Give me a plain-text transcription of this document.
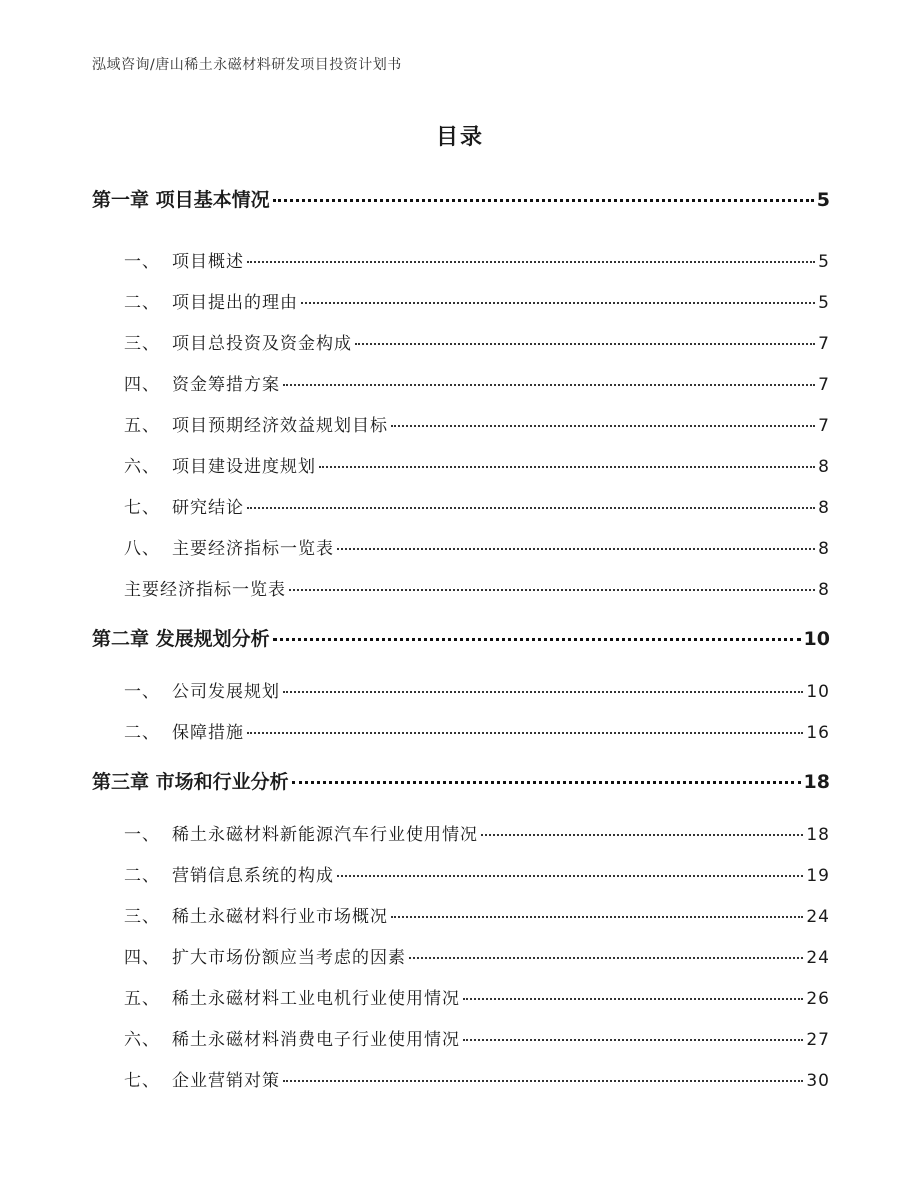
泓域咨询/唐山稀土永磁材料研发项目投资计划书
目录
第一章 项目基本情况	5
一、 项目概述	5
二、 项目提出的理由	5
三、 项目总投资及资金构成	7
四、 资金筹措方案	7
五、 项目预期经济效益规划目标	7
六、 项目建设进度规划	8
七、 研究结论	8
八、 主要经济指标一览表	8
主要经济指标一览表	8
第二章 发展规划分析	10
一、 公司发展规划	10
二、 保障措施	16
第三章 市场和行业分析	18
一、 稀土永磁材料新能源汽车行业使用情况	18
二、 营销信息系统的构成	19
三、 稀土永磁材料行业市场概况	24
四、 扩大市场份额应当考虑的因素	24
五、 稀土永磁材料工业电机行业使用情况	26
六、 稀土永磁材料消费电子行业使用情况	27
七、 企业营销对策	30
